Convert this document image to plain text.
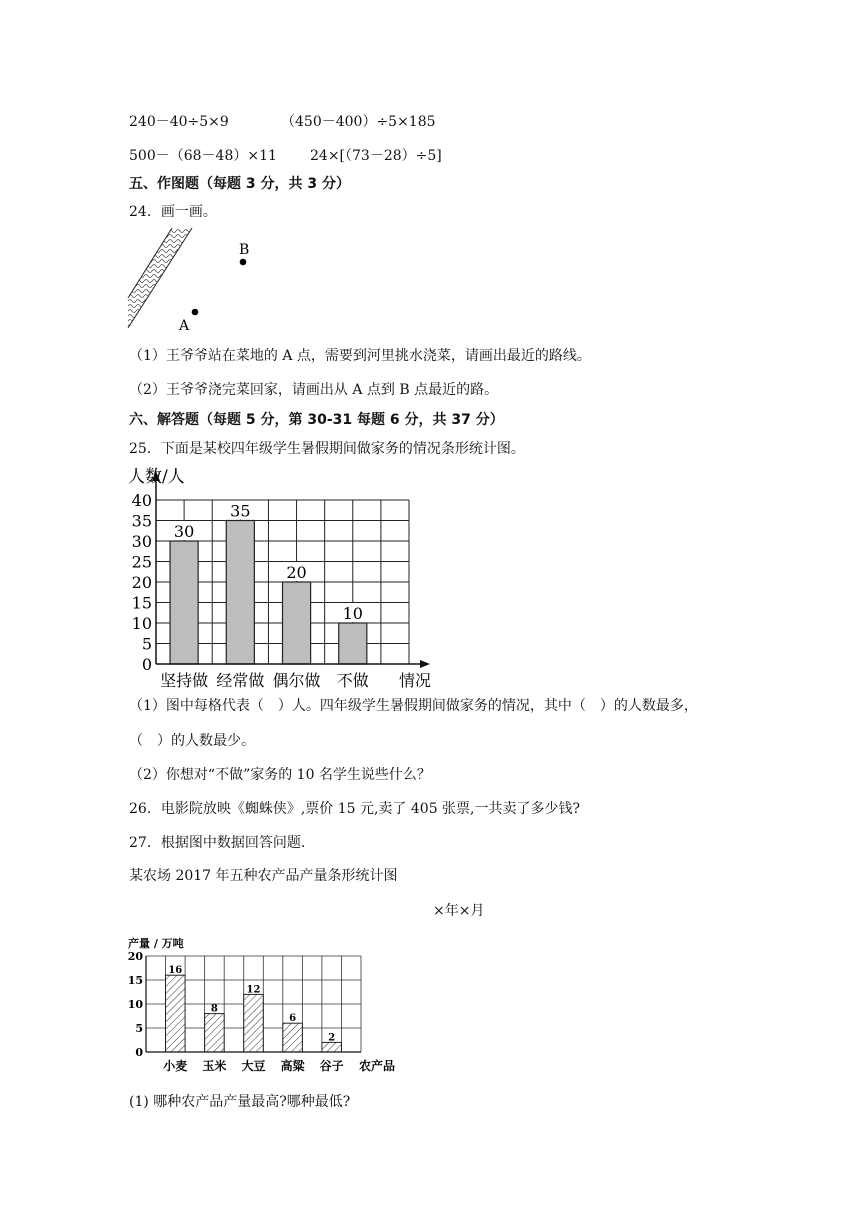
240－40÷5×9	（450－400）÷5×185
500－（68－48）×11 24×[（73－28）÷5]
五、作图题（每题 3 分，共 3 分）
24．画一画。
B
A
（1）王爷爷站在菜地的 A 点，需要到河里挑水浇菜，请画出最近的路线。
（2）王爷爷浇完菜回家，请画出从 A 点到 B 点最近的路。
六、解答题（每题 5 分，第 30-31 每题 6 分，共 37 分）
25．下面是某校四年级学生暑假期间做家务的情况条形统计图。
0
5
10
15
20
25
30
35
40
30
坚持做
35
经常做
20
偶尔做
10
不做
人数/人
情况
（1）图中每格代表（　）人。四年级学生暑假期间做家务的情况，其中（　）的人数最多，
（　）的人数最少。
（2）你想对“不做”家务的 10 名学生说些什么？
26．电影院放映《蜘蛛侠》,票价 15 元,卖了 405 张票,一共卖了多少钱?
27．根据图中数据回答问题.
某农场 2017 年五种农产品产量条形统计图
×年×月
0
5
10
15
20
16
小麦
8
玉米
12
大豆
6
高粱
2
谷子
产量 / 万吨
农产品
(1) 哪种农产品产量最高?哪种最低?
